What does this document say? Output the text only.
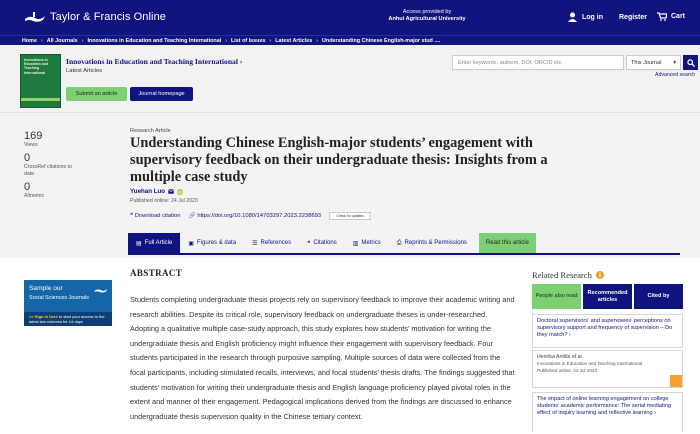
Taylor & Francis Online	Access provided by
Anhui Agricultural University	Log in Register	Cart
Home › All Journals › Innovations in Education and Teaching International › List of Issues › Latest Articles › Understanding Chinese English-major stud ....
Innovations in Education and Teaching International
Innovations in Education and Teaching International ›
Latest Articles
Submit an article	Journal homepage
Enter keywords, authors, DOI, ORCID etc	This Journal ▾
Advanced search
169
Views
0
CrossRef citations to date
0
Altmetric
Research Article
Understanding Chinese English-major students’ engagement with supervisory feedback on their undergraduate thesis: Insights from a multiple case study
Yuehan Luo	iD
Published online: 24 Jul 2023
❝ Download citation 🔗 https://doi.org/10.1080/14703297.2023.2238693	Check for updates
▤ Full Article	▣ Figures & data	☰ References	❝ Citations	▥ Metrics	⎙ Reprints & Permissions	Read this article
Sample our
Social Sciences Journals
>> Sign in here to start your access to the latest two volumes for 14 days
ABSTRACT
Students completing undergraduate thesis projects rely on supervisory feedback to improve their academic writing and research abilities. Despite its critical role, supervisory feedback on undergraduate theses is under-researched. Adopting a qualitative multiple case-study approach, this study explores how students’ motivation for writing the undergraduate thesis and English proficiency might influence their engagement with supervisory feedback. Four students participated in the research through purposive sampling. Multiple sources of data were collected from the focal participants, including stimulated recalls, interviews, and focal students’ thesis drafts. The findings suggested that students’ motivation for writing their undergraduate thesis and English language proficiency played pivotal roles in the extent and manner of their engagement. Pedagogical implications derived from the findings are discussed to enhance undergraduate thesis supervision quality in the Chinese tertiary context.
Related Research
People also read
Recommended articles
Cited by
Doctoral supervisors’ and supervisees’ perceptions on supervisory support and frequency of supervision – Do they match? ›
Henrika Anttila et al.
Innovations in Education and Teaching International
Published online: 24 Jul 2023
The impact of online learning engagement on college students’ academic performance: The serial mediating effect of inquiry learning and reflective learning ›
